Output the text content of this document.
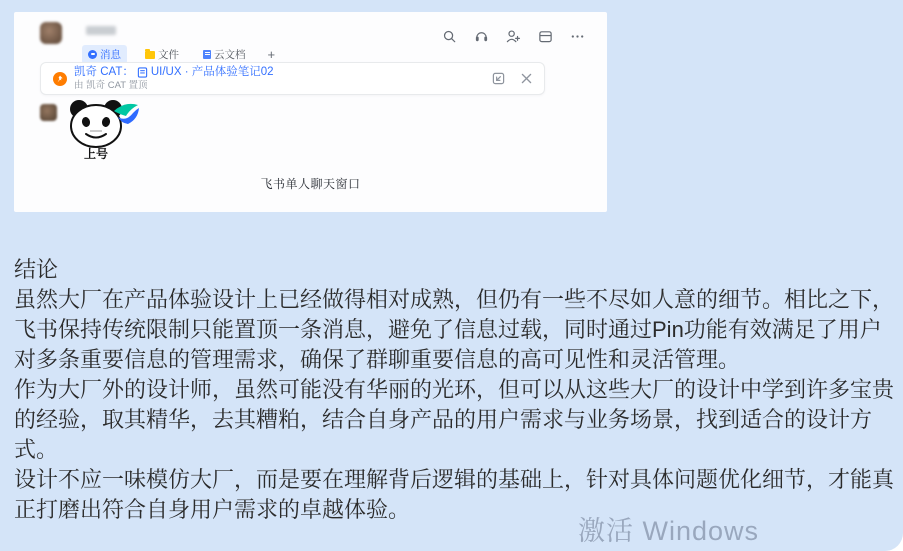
消息	文件	云文档 +
凯奇 CAT： UI/UX · 产品体验笔记02
由 凯奇 CAT 置顶
上号
飞书单人聊天窗口
结论

虽然大厂在产品体验设计上已经做得相对成熟，但仍有一些不尽如人意的细节。相比之下，飞书保持传统限制只能置顶一条消息，避免了信息过载，同时通过Pin功能有效满足了用户对多条重要信息的管理需求，确保了群聊重要信息的高可见性和灵活管理。

作为大厂外的设计师，虽然可能没有华丽的光环，但可以从这些大厂的设计中学到许多宝贵的经验，取其精华，去其糟粕，结合自身产品的用户需求与业务场景，找到适合的设计方式。

设计不应一味模仿大厂，而是要在理解背后逻辑的基础上，针对具体问题优化细节，才能真正打磨出符合自身用户需求的卓越体验。

激活 Windows
